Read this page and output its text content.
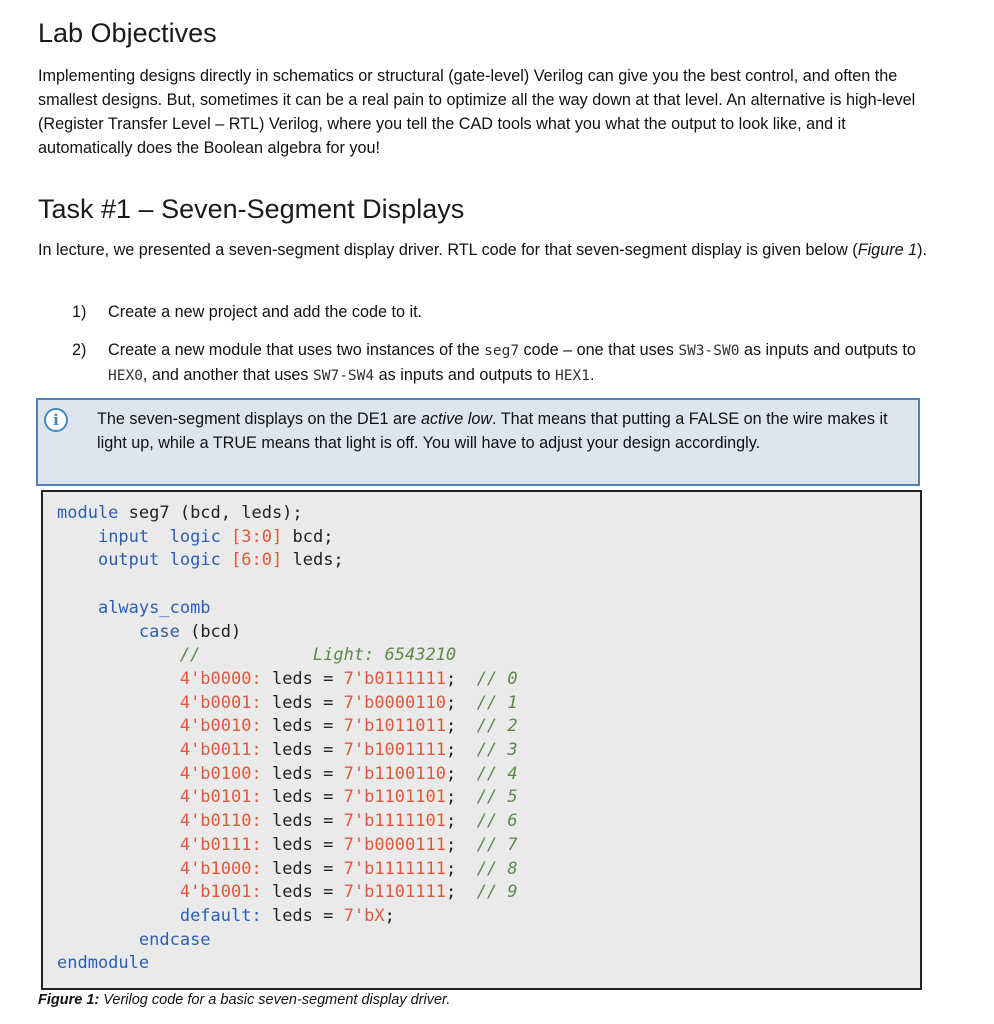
Lab Objectives
Implementing designs directly in schematics or structural (gate-level) Verilog can give you the best control, and often the smallest designs. But, sometimes it can be a real pain to optimize all the way down at that level. An alternative is high-level (Register Transfer Level – RTL) Verilog, where you tell the CAD tools what you what the output to look like, and it automatically does the Boolean algebra for you!
Task #1 – Seven-Segment Displays
In lecture, we presented a seven-segment display driver. RTL code for that seven-segment display is given below (Figure 1).
1) Create a new project and add the code to it.
2) Create a new module that uses two instances of the seg7 code – one that uses SW3-SW0 as inputs and outputs to HEX0, and another that uses SW7-SW4 as inputs and outputs to HEX1.
i	The seven-segment displays on the DE1 are active low. That means that putting a FALSE on the wire makes it light up, while a TRUE means that light is off. You will have to adjust your design accordingly.
module seg7 (bcd, leds);
input logic [3:0] bcd;
output logic [6:0] leds;

always_comb
case (bcd)
//           Light: 6543210
4'b0000: leds = 7'b0111111;  // 0
4'b0001: leds = 7'b0000110;  // 1
4'b0010: leds = 7'b1011011;  // 2
4'b0011: leds = 7'b1001111;  // 3
4'b0100: leds = 7'b1100110;  // 4
4'b0101: leds = 7'b1101101;  // 5
4'b0110: leds = 7'b1111101;  // 6
4'b0111: leds = 7'b0000111;  // 7
4'b1000: leds = 7'b1111111;  // 8
4'b1001: leds = 7'b1101111;  // 9
default: leds = 7'bX;
endcase
endmodule
Figure 1: Verilog code for a basic seven-segment display driver.
